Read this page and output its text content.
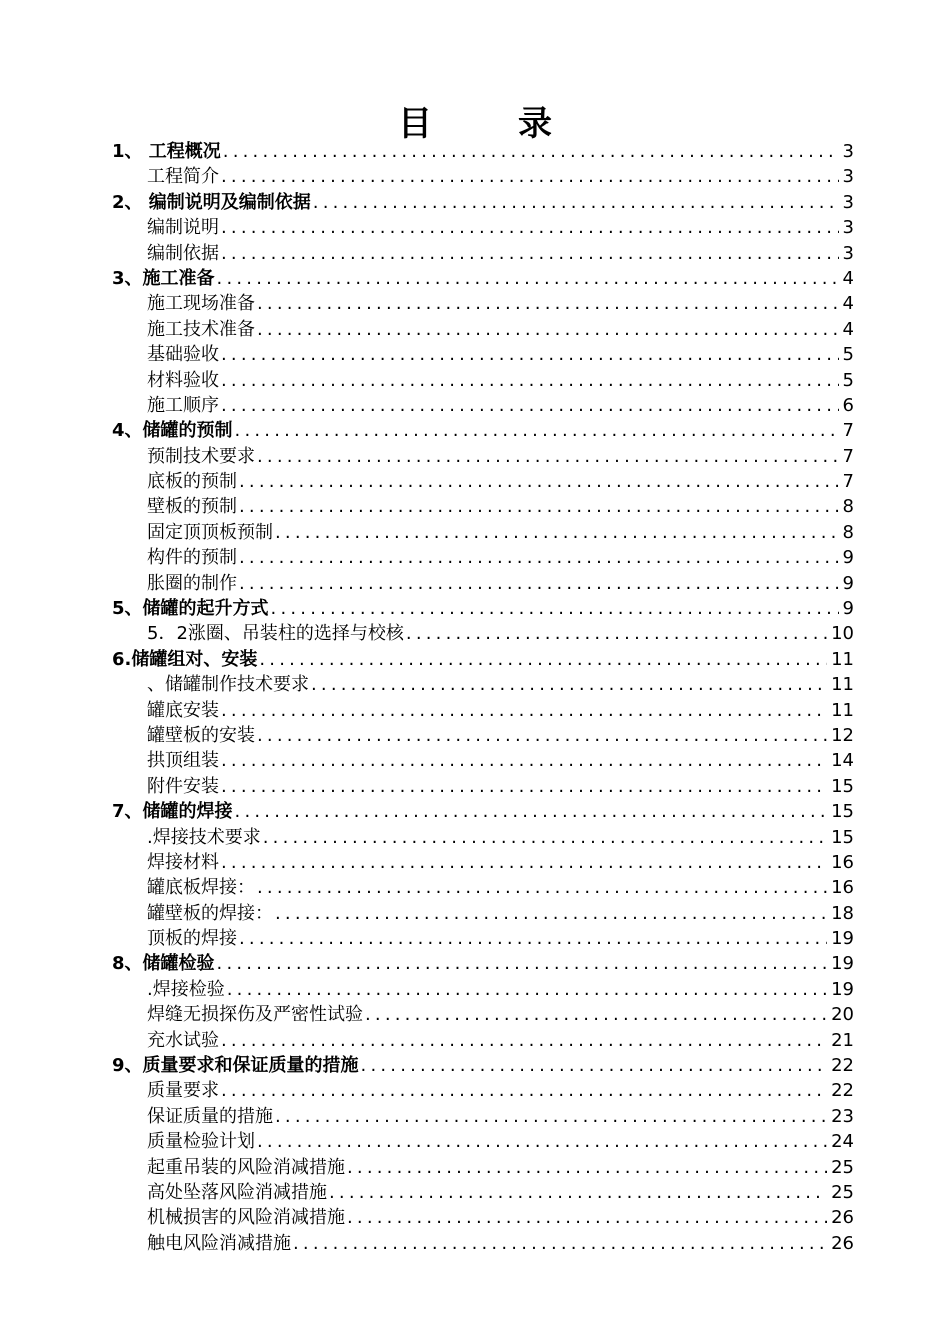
目	录
1、 工程概况 .....	3
工程简介 .....	3
2、 编制说明及编制依据 .....	3
编制说明 .....	3
编制依据 .....	3
3、施工准备 .....	4
施工现场准备 .....	4
施工技术准备 .....	4
基础验收 .....	5
材料验收 .....	5
施工顺序 .....	6
4、储罐的预制 .....	7
预制技术要求 .....	7
底板的预制 .....	7
壁板的预制 .....	8
固定顶顶板预制 .....	8
构件的预制 .....	9
胀圈的制作 .....	9
5、储罐的起升方式 .....	9
5．2涨圈、吊装柱的选择与校核 .....	10
6.储罐组对、安装 .....	11
、储罐制作技术要求 .....	11
罐底安装 .....	11
罐壁板的安装 .....	12
拱顶组装 .....	14
附件安装 .....	15
7、储罐的焊接 .....	15
.焊接技术要求 .....	15
焊接材料 .....	16
罐底板焊接： .....	16
罐壁板的焊接： .....	18
顶板的焊接 .....	19
8、储罐检验 .....	19
.焊接检验 .....	19
焊缝无损探伤及严密性试验 .....	20
充水试验 .....	21
9、质量要求和保证质量的措施 .....	22
质量要求 .....	22
保证质量的措施 .....	23
质量检验计划 .....	24
起重吊装的风险消减措施 .....	25
高处坠落风险消减措施 .....	25
机械损害的风险消减措施 .....	26
触电风险消减措施 .....	26
